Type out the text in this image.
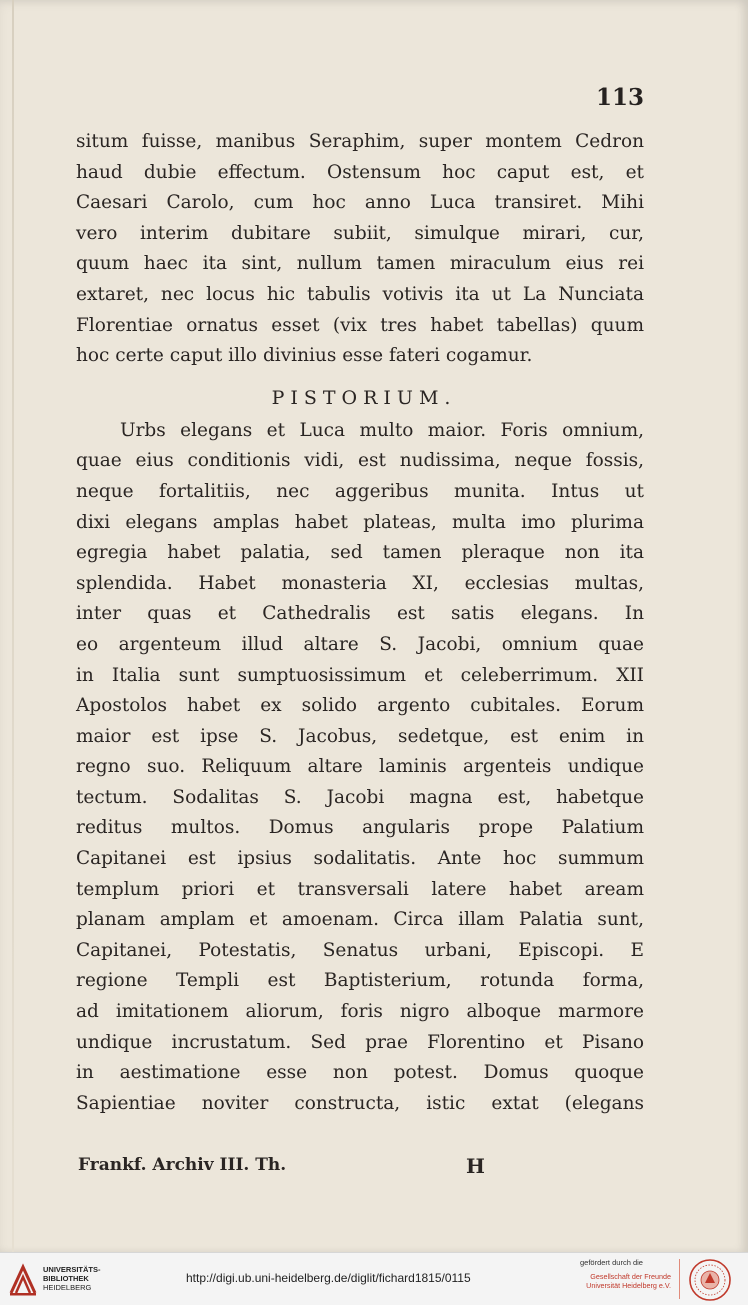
113
situm fuisse, manibus Seraphim, super montem Cedron
haud dubie effectum. Ostensum hoc caput est, et
Caesari Carolo, cum hoc anno Luca transiret. Mihi
vero interim dubitare subiit, simulque mirari, cur,
quum haec ita sint, nullum tamen miraculum eius rei
extaret, nec locus hic tabulis votivis ita ut La Nunciata
Florentiae ornatus esset (vix tres habet tabellas) quum
hoc certe caput illo divinius esse fateri cogamur.
PISTORIUM.
Urbs elegans et Luca multo maior. Foris omnium,
quae eius conditionis vidi, est nudissima, neque fossis,
neque fortalitiis, nec aggeribus munita. Intus ut
dixi elegans amplas habet plateas, multa imo plurima
egregia habet palatia, sed tamen pleraque non ita
splendida. Habet monasteria XI, ecclesias multas,
inter quas et Cathedralis est satis elegans. In
eo argenteum illud altare S. Jacobi, omnium quae
in Italia sunt sumptuosissimum et celeberrimum. XII
Apostolos habet ex solido argento cubitales. Eorum
maior est ipse S. Jacobus, sedetque, est enim in
regno suo. Reliquum altare laminis argenteis undique
tectum. Sodalitas S. Jacobi magna est, habetque
reditus multos. Domus angularis prope Palatium
Capitanei est ipsius sodalitatis. Ante hoc summum
templum priori et transversali latere habet aream
planam amplam et amoenam. Circa illam Palatia sunt,
Capitanei, Potestatis, Senatus urbani, Episcopi. E
regione Templi est Baptisterium, rotunda forma,
ad imitationem aliorum, foris nigro alboque marmore
undique incrustatum. Sed prae Florentino et Pisano
in aestimatione esse non potest. Domus quoque
Sapientiae noviter constructa, istic extat (elegans
Frankf. Archiv III. Th.	H
UNIVERSITÄTS-
BIBLIOTHEK
HEIDELBERG
http://digi.ub.uni-heidelberg.de/diglit/fichard1815/0115
gefördert durch die
Gesellschaft der Freunde
Universität Heidelberg e.V.
